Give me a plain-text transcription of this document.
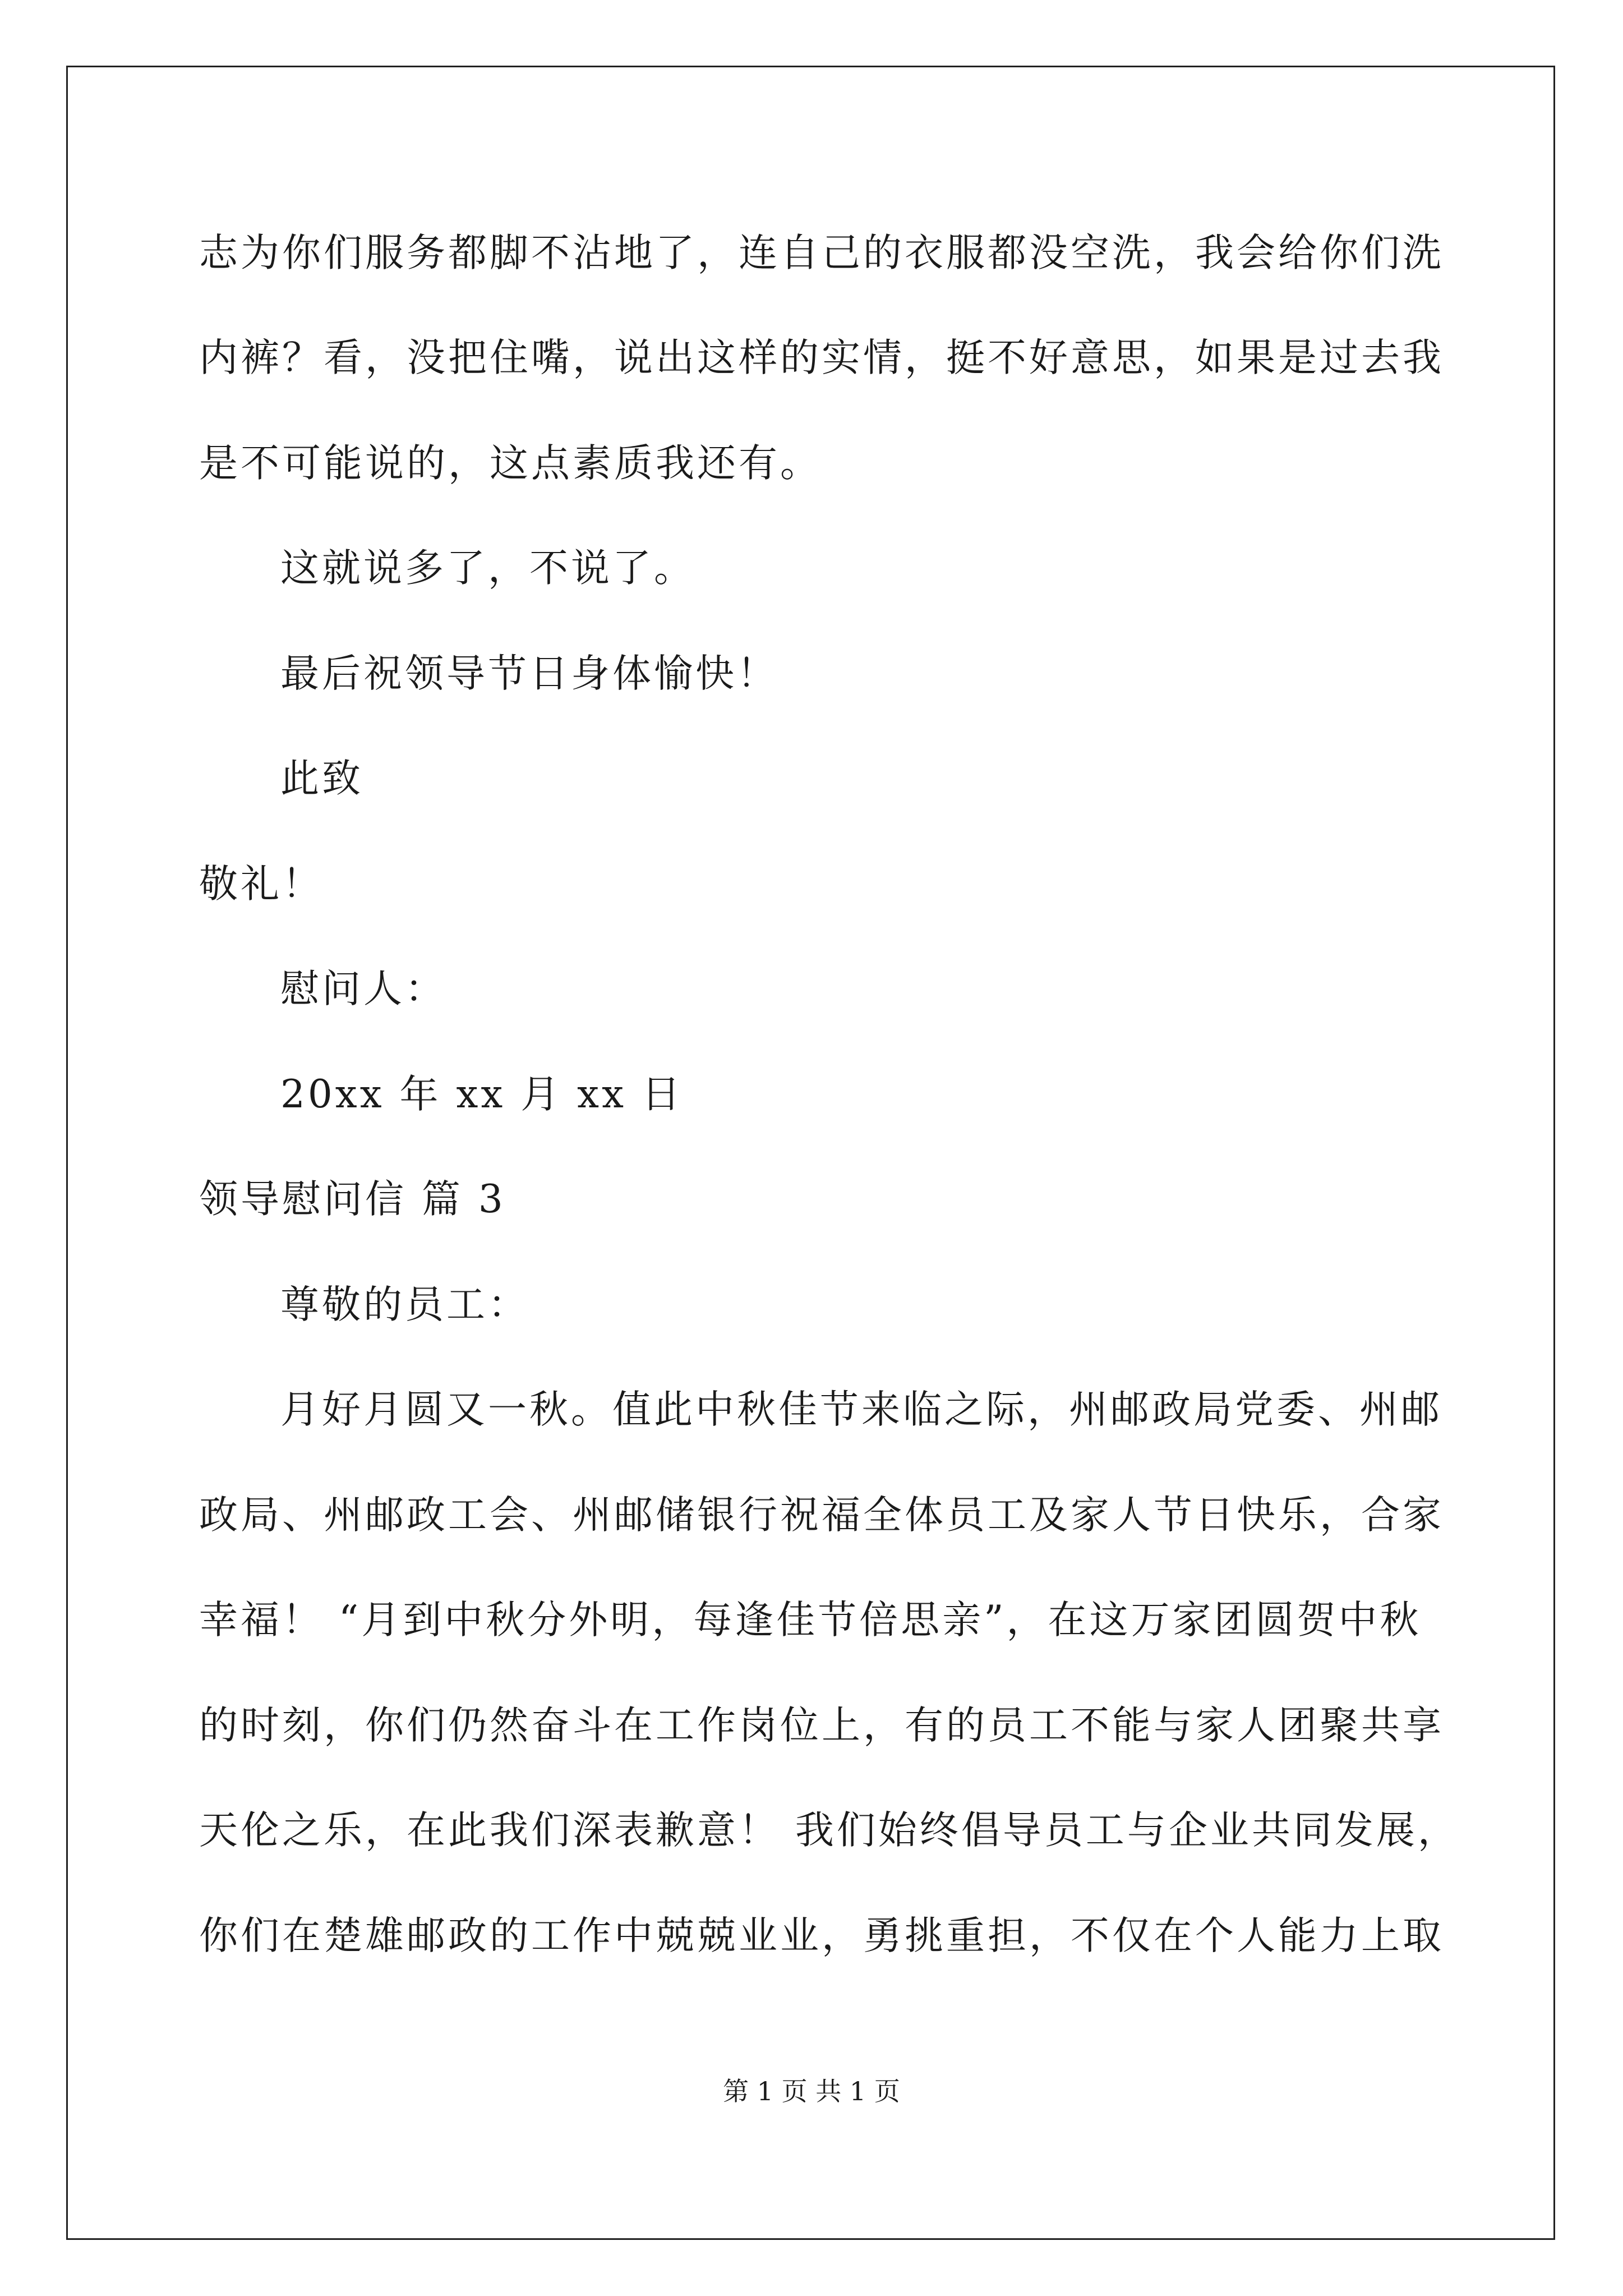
志为你们服务都脚不沾地了，连自己的衣服都没空洗，我会给你们洗
内裤？看，没把住嘴，说出这样的实情，挺不好意思，如果是过去我
是不可能说的，这点素质我还有。
这就说多了，不说了。
最后祝领导节日身体愉快！
此致
敬礼！
慰问人：
20xx 年 xx 月 xx 日
领导慰问信 篇 3
尊敬的员工：
月好月圆又一秋。值此中秋佳节来临之际，州邮政局党委、州邮
政局、州邮政工会、州邮储银行祝福全体员工及家人节日快乐，合家
幸福！ “月到中秋分外明，每逢佳节倍思亲”，在这万家团圆贺中秋
的时刻，你们仍然奋斗在工作岗位上，有的员工不能与家人团聚共享
天伦之乐，在此我们深表歉意！ 我们始终倡导员工与企业共同发展，
你们在楚雄邮政的工作中兢兢业业，勇挑重担，不仅在个人能力上取
第 1 页 共 1 页
